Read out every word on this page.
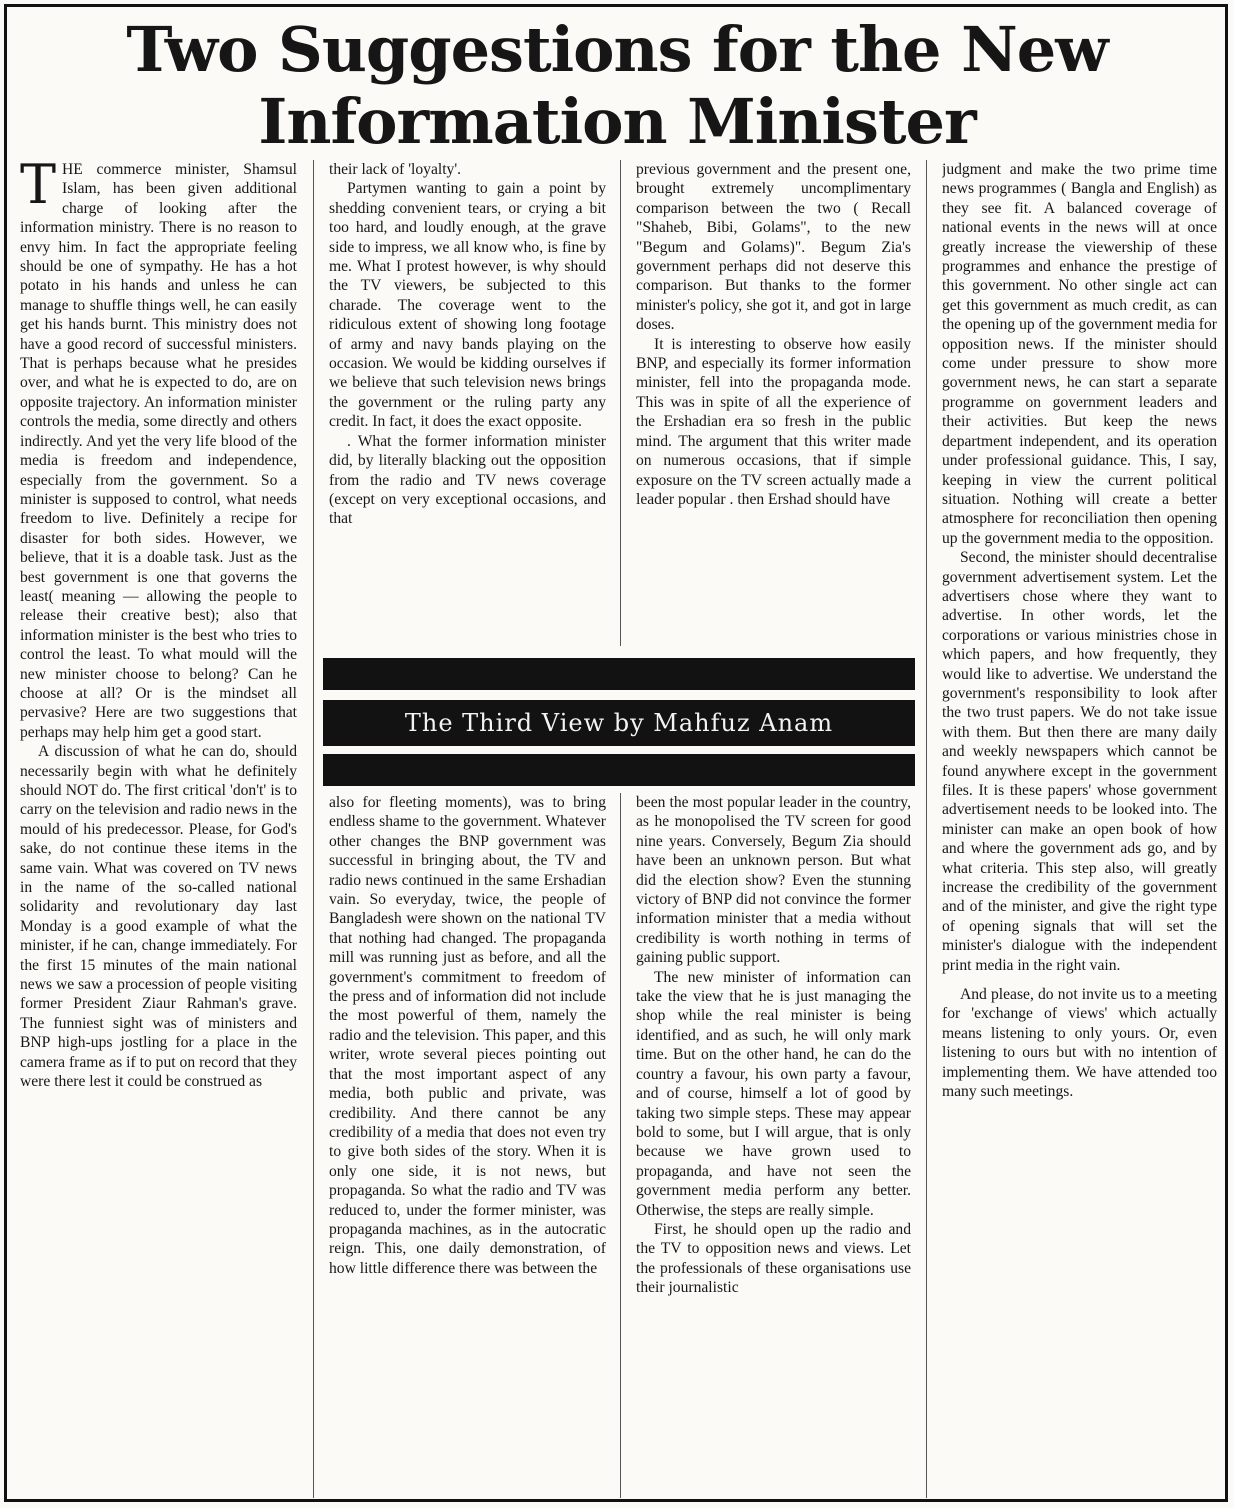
Two Suggestions for the New Information Minister
T HE commerce minister, Shamsul Islam, has been given additional charge of looking after the information ministry. There is no reason to envy him. In fact the appropriate feeling should be one of sympathy. He has a hot potato in his hands and unless he can manage to shuffle things well, he can easily get his hands burnt. This ministry does not have a good record of successful ministers. That is perhaps because what he presides over, and what he is expected to do, are on opposite trajectory. An information minister controls the media, some directly and others indirectly. And yet the very life blood of the media is freedom and independence, especially from the government. So a minister is supposed to control, what needs freedom to live. Definitely a recipe for disaster for both sides. However, we believe, that it is a doable task. Just as the best government is one that governs the least( meaning — allowing the people to release their creative best); also that information minister is the best who tries to control the least. To what mould will the new minister choose to belong? Can he choose at all? Or is the mindset all pervasive? Here are two suggestions that perhaps may help him get a good start.

A discussion of what he can do, should necessarily begin with what he definitely should NOT do. The first critical 'don't' is to carry on the television and radio news in the mould of his predecessor. Please, for God's sake, do not continue these items in the same vain. What was covered on TV news in the name of the so-called national solidarity and revolutionary day last Monday is a good example of what the minister, if he can, change immediately. For the first 15 minutes of the main national news we saw a procession of people visiting former President Ziaur Rahman's grave. The funniest sight was of ministers and BNP high-ups jostling for a place in the camera frame as if to put on record that they were there lest it could be construed as

their lack of 'loyalty'.

Partymen wanting to gain a point by shedding convenient tears, or crying a bit too hard, and loudly enough, at the grave side to impress, we all know who, is fine by me. What I protest however, is why should the TV viewers, be subjected to this charade. The coverage went to the ridiculous extent of showing long footage of army and navy bands playing on the occasion. We would be kidding ourselves if we believe that such television news brings the government or the ruling party any credit. In fact, it does the exact opposite.

. What the former information minister did, by literally blacking out the opposition from the radio and TV news coverage (except on very exceptional occasions, and that

previous government and the present one, brought extremely uncomplimentary comparison between the two ( Recall "Shaheb, Bibi, Golams", to the new "Begum and Golams)". Begum Zia's government perhaps did not deserve this comparison. But thanks to the former minister's policy, she got it, and got in large doses.

It is interesting to observe how easily BNP, and especially its former information minister, fell into the propaganda mode. This was in spite of all the experience of the Ershadian era so fresh in the public mind. The argument that this writer made on numerous occasions, that if simple exposure on the TV screen actually made a leader popular . then Ershad should have

judgment and make the two prime time news programmes ( Bangla and English) as they see fit. A balanced coverage of national events in the news will at once greatly increase the viewership of these programmes and enhance the prestige of this government. No other single act can get this government as much credit, as can the opening up of the government media for opposition news. If the minister should come under pressure to show more government news, he can start a separate programme on government leaders and their activities. But keep the news department independent, and its operation under professional guidance. This, I say, keeping in view the current political situation. Nothing will create a better atmosphere for reconciliation then opening up the government media to the opposition.

Second, the minister should decentralise government advertisement system. Let the advertisers chose where they want to advertise. In other words, let the corporations or various ministries chose in which papers, and how frequently, they would like to advertise. We understand the government's responsibility to look after the two trust papers. We do not take issue with them. But then there are many daily and weekly newspapers which cannot be found anywhere except in the government files. It is these papers' whose government advertisement needs to be looked into. The minister can make an open book of how and where the government ads go, and by what criteria. This step also, will greatly increase the credibility of the government and of the minister, and give the right type of opening signals that will set the minister's dialogue with the independent print media in the right vain.

And please, do not invite us to a meeting for 'exchange of views' which actually means listening to only yours. Or, even listening to ours but with no intention of implementing them. We have attended too many such meetings.

The Third View by Mahfuz Anam

also for fleeting moments), was to bring endless shame to the government. Whatever other changes the BNP government was successful in bringing about, the TV and radio news continued in the same Ershadian vain. So everyday, twice, the people of Bangladesh were shown on the national TV that nothing had changed. The propaganda mill was running just as before, and all the government's commitment to freedom of the press and of information did not include the most powerful of them, namely the radio and the television. This paper, and this writer, wrote several pieces pointing out that the most important aspect of any media, both public and private, was credibility. And there cannot be any credibility of a media that does not even try to give both sides of the story. When it is only one side, it is not news, but propaganda. So what the radio and TV was reduced to, under the former minister, was propaganda machines, as in the autocratic reign. This, one daily demonstration, of how little difference there was between the

been the most popular leader in the country, as he monopolised the TV screen for good nine years. Conversely, Begum Zia should have been an unknown person. But what did the election show? Even the stunning victory of BNP did not convince the former information minister that a media without credibility is worth nothing in terms of gaining public support.

The new minister of information can take the view that he is just managing the shop while the real minister is being identified, and as such, he will only mark time. But on the other hand, he can do the country a favour, his own party a favour, and of course, himself a lot of good by taking two simple steps. These may appear bold to some, but I will argue, that is only because we have grown used to propaganda, and have not seen the government media perform any better. Otherwise, the steps are really simple.

First, he should open up the radio and the TV to opposition news and views. Let the professionals of these organisations use their journalistic
